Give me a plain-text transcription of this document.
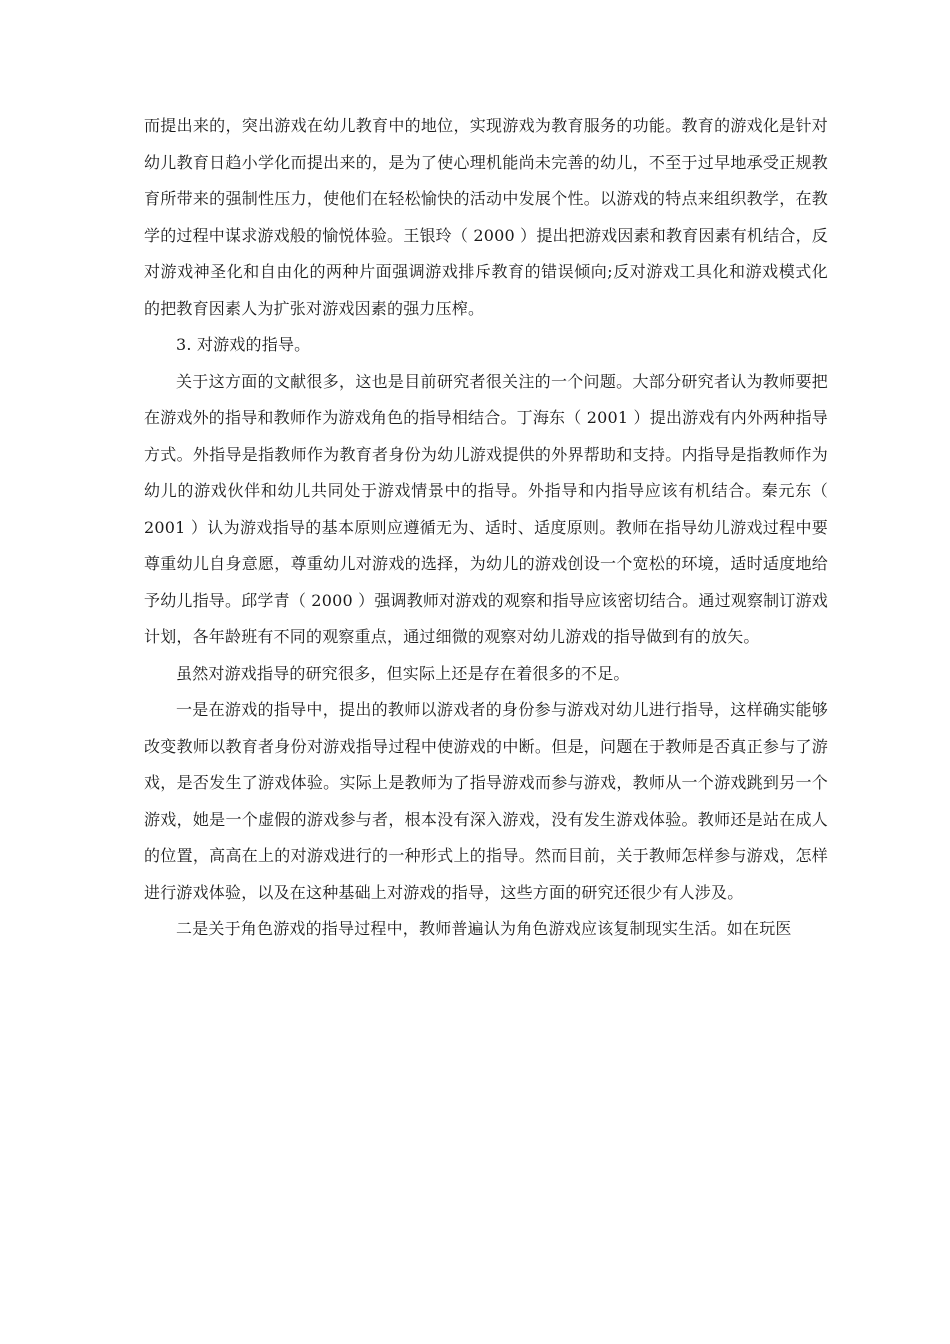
而提出来的，突出游戏在幼儿教育中的地位，实现游戏为教育服务的功能。教育的游戏化是针对幼儿教育日趋小学化而提出来的，是为了使心理机能尚未完善的幼儿，不至于过早地承受正规教育所带来的强制性压力，使他们在轻松愉快的活动中发展个性。以游戏的特点来组织教学，在教学的过程中谋求游戏般的愉悦体验。王银玲（ 2000 ）提出把游戏因素和教育因素有机结合，反对游戏神圣化和自由化的两种片面强调游戏排斥教育的错误倾向;反对游戏工具化和游戏模式化的把教育因素人为扩张对游戏因素的强力压榨。

3. 对游戏的指导。

关于这方面的文献很多，这也是目前研究者很关注的一个问题。大部分研究者认为教师要把在游戏外的指导和教师作为游戏角色的指导相结合。丁海东（ 2001 ）提出游戏有内外两种指导方式。外指导是指教师作为教育者身份为幼儿游戏提供的外界帮助和支持。内指导是指教师作为幼儿的游戏伙伴和幼儿共同处于游戏情景中的指导。外指导和内指导应该有机结合。秦元东（ 2001 ）认为游戏指导的基本原则应遵循无为、适时、适度原则。教师在指导幼儿游戏过程中要尊重幼儿自身意愿，尊重幼儿对游戏的选择，为幼儿的游戏创设一个宽松的环境，适时适度地给予幼儿指导。邱学青（ 2000 ）强调教师对游戏的观察和指导应该密切结合。通过观察制订游戏计划，各年龄班有不同的观察重点，通过细微的观察对幼儿游戏的指导做到有的放矢。

虽然对游戏指导的研究很多，但实际上还是存在着很多的不足。

一是在游戏的指导中，提出的教师以游戏者的身份参与游戏对幼儿进行指导，这样确实能够改变教师以教育者身份对游戏指导过程中使游戏的中断。但是，问题在于教师是否真正参与了游戏，是否发生了游戏体验。实际上是教师为了指导游戏而参与游戏，教师从一个游戏跳到另一个游戏，她是一个虚假的游戏参与者，根本没有深入游戏，没有发生游戏体验。教师还是站在成人的位置，高高在上的对游戏进行的一种形式上的指导。然而目前，关于教师怎样参与游戏，怎样进行游戏体验，以及在这种基础上对游戏的指导，这些方面的研究还很少有人涉及。

二是关于角色游戏的指导过程中，教师普遍认为角色游戏应该复制现实生活。如在玩医
